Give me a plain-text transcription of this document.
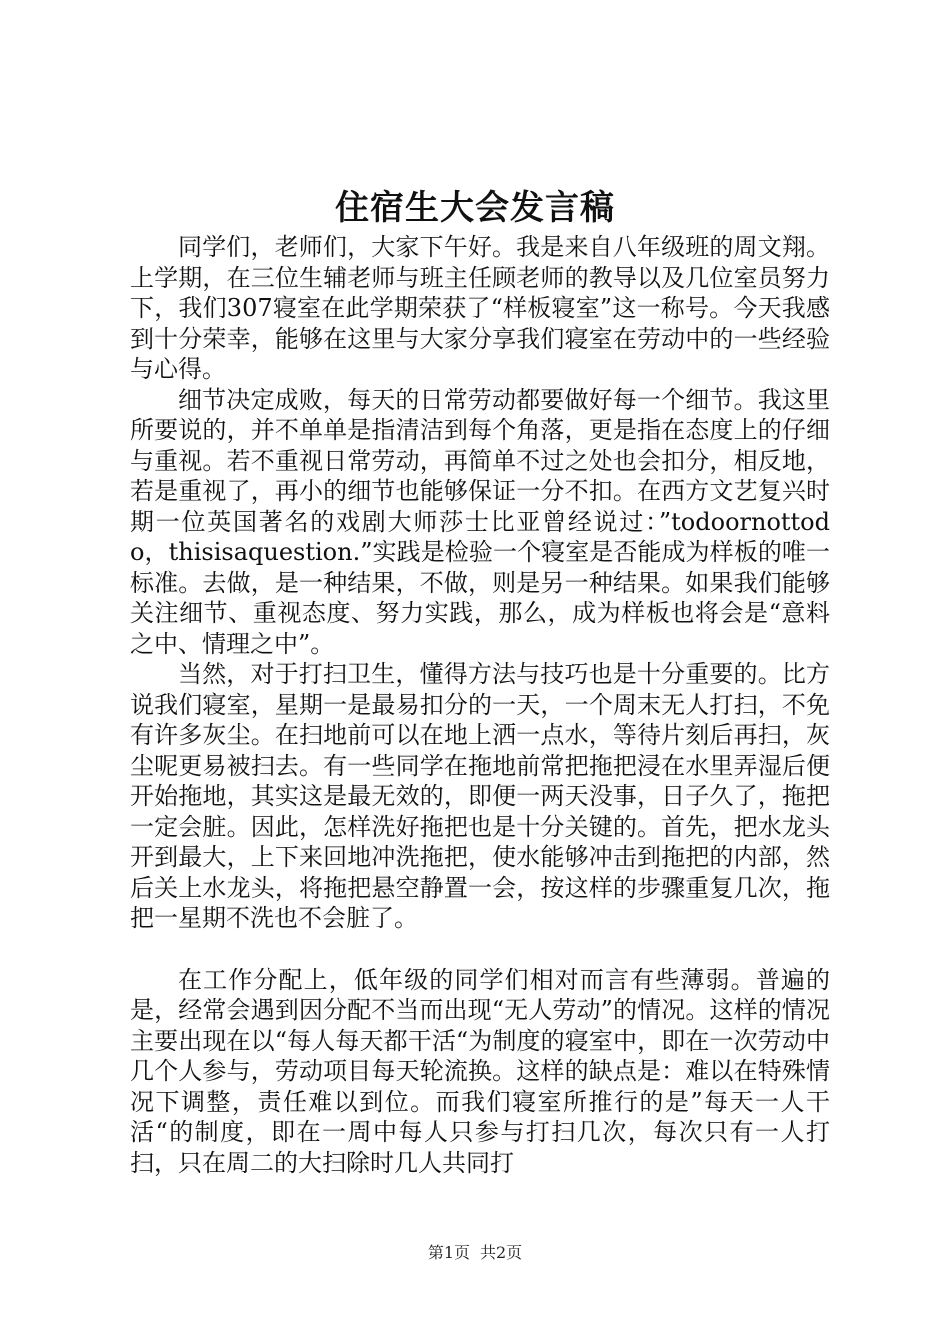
住宿生大会发言稿

同学们，老师们，大家下午好。我是来自八年级班的周文翔。上学期，在三位生辅老师与班主任顾老师的教导以及几位室员努力下，我们307寝室在此学期荣获了“样板寝室”这一称号。今天我感到十分荣幸，能够在这里与大家分享我们寝室在劳动中的一些经验与心得。

细节决定成败，每天的日常劳动都要做好每一个细节。我这里所要说的，并不单单是指清洁到每个角落，更是指在态度上的仔细与重视。若不重视日常劳动，再简单不过之处也会扣分，相反地，若是重视了，再小的细节也能够保证一分不扣。在西方文艺复兴时期一位英国著名的戏剧大师莎士比亚曾经说过：”todoornottodo，thisisaquestion.”实践是检验一个寝室是否能成为样板的唯一标准。去做，是一种结果，不做，则是另一种结果。如果我们能够关注细节、重视态度、努力实践，那么，成为样板也将会是“意料之中、情理之中”。

当然，对于打扫卫生，懂得方法与技巧也是十分重要的。比方说我们寝室，星期一是最易扣分的一天，一个周末无人打扫，不免有许多灰尘。在扫地前可以在地上洒一点水，等待片刻后再扫，灰尘呢更易被扫去。有一些同学在拖地前常把拖把浸在水里弄湿后便开始拖地，其实这是最无效的，即便一两天没事，日子久了，拖把一定会脏。因此，怎样洗好拖把也是十分关键的。首先，把水龙头开到最大，上下来回地冲洗拖把，使水能够冲击到拖把的内部，然后关上水龙头，将拖把悬空静置一会，按这样的步骤重复几次，拖把一星期不洗也不会脏了。

在工作分配上，低年级的同学们相对而言有些薄弱。普遍的是，经常会遇到因分配不当而出现“无人劳动”的情况。这样的情况主要出现在以“每人每天都干活“为制度的寝室中，即在一次劳动中几个人参与，劳动项目每天轮流换。这样的缺点是：难以在特殊情况下调整，责任难以到位。而我们寝室所推行的是”每天一人干活“的制度，即在一周中每人只参与打扫几次，每次只有一人打扫，只在周二的大扫除时几人共同打

第1页 共2页
